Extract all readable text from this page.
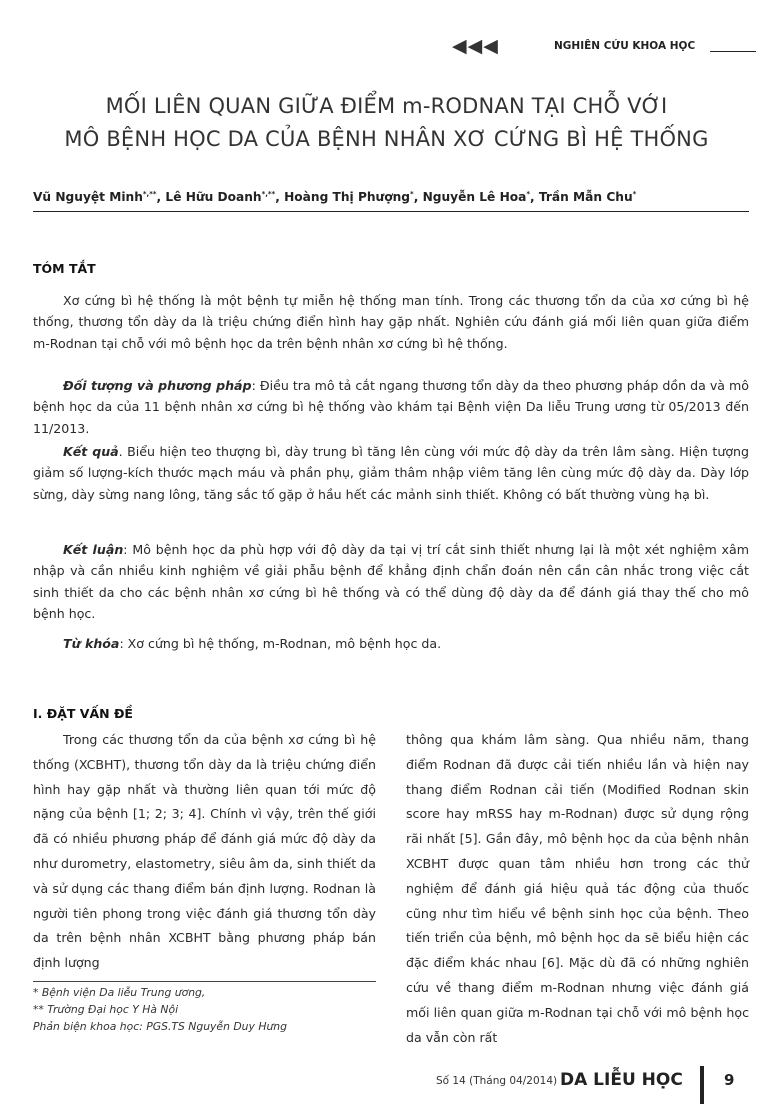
◀◀◀	NGHIÊN CỨU KHOA HỌC
MỐI LIÊN QUAN GIỮA ĐIỂM m-RODNAN TẠI CHỖ VỚI
MÔ BỆNH HỌC DA CỦA BỆNH NHÂN XƠ CỨNG BÌ HỆ THỐNG
Vũ Nguyệt Minh*,**, Lê Hữu Doanh*,**, Hoàng Thị Phượng*, Nguyễn Lê Hoa*, Trần Mẫn Chu*
TÓM TẮT
Xơ cứng bì hệ thống là một bệnh tự miễn hệ thống man tính. Trong các thương tổn da của xơ cứng bì hệ thống, thương tổn dày da là triệu chứng điển hình hay gặp nhất. Nghiên cứu đánh giá mối liên quan giữa điểm m-Rodnan tại chỗ với mô bệnh học da trên bệnh nhân xơ cứng bì hệ thống.
Đối tượng và phương pháp: Điều tra mô tả cắt ngang thương tổn dày da theo phương pháp dồn da và mô bệnh học da của 11 bệnh nhân xơ cứng bì hệ thống vào khám tại Bệnh viện Da liễu Trung ương từ 05/2013 đến 11/2013.
Kết quả. Biểu hiện teo thượng bì, dày trung bì tăng lên cùng với mức độ dày da trên lâm sàng. Hiện tượng giảm số lượng-kích thước mạch máu và phần phụ, giảm thâm nhập viêm tăng lên cùng mức độ dày da. Dày lớp sừng, dày sừng nang lông, tăng sắc tố gặp ở hầu hết các mảnh sinh thiết. Không có bất thường vùng hạ bì.
Kết luận: Mô bệnh học da phù hợp với độ dày da tại vị trí cắt sinh thiết nhưng lại là một xét nghiệm xâm nhập và cần nhiều kinh nghiệm về giải phẫu bệnh để khẳng định chẩn đoán nên cần cân nhắc trong việc cắt sinh thiết da cho các bệnh nhân xơ cứng bì hê thống và có thể dùng độ dày da để đánh giá thay thế cho mô bệnh học.
Từ khóa: Xơ cứng bì hệ thống, m-Rodnan, mô bệnh học da.
I. ĐẶT VẤN ĐỀ
Trong các thương tổn da của bệnh xơ cứng bì hệ thống (XCBHT), thương tổn dày da là triệu chứng điển hình hay gặp nhất và thường liên quan tới mức độ nặng của bệnh [1; 2; 3; 4]. Chính vì vậy, trên thế giới đã có nhiều phương pháp để đánh giá mức độ dày da như durometry, elastometry, siêu âm da, sinh thiết da và sử dụng các thang điểm bán định lượng. Rodnan là người tiên phong trong việc đánh giá thương tổn dày da trên bệnh nhân XCBHT bằng phương pháp bán định lượng
thông qua khám lâm sàng. Qua nhiều năm, thang điểm Rodnan đã được cải tiến nhiều lần và hiện nay thang điểm Rodnan cải tiến (Modified Rodnan skin score hay mRSS hay m-Rodnan) được sử dụng rộng rãi nhất [5]. Gần đây, mô bệnh học da của bệnh nhân XCBHT được quan tâm nhiều hơn trong các thử nghiệm để đánh giá hiệu quả tác động của thuốc cũng như tìm hiểu về bệnh sinh học của bệnh. Theo tiến triển của bệnh, mô bệnh học da sẽ biểu hiện các đặc điểm khác nhau [6]. Mặc dù đã có những nghiên cứu về thang điểm m-Rodnan nhưng việc đánh giá mối liên quan giữa m-Rodnan tại chỗ với mô bệnh học da vẫn còn rất
* Bệnh viện Da liễu Trung ương,
** Trường Đại học Y Hà Nội
Phản biện khoa học: PGS.TS Nguyễn Duy Hưng
Số 14 (Tháng 04/2014) DA LIỄU HỌC	9
